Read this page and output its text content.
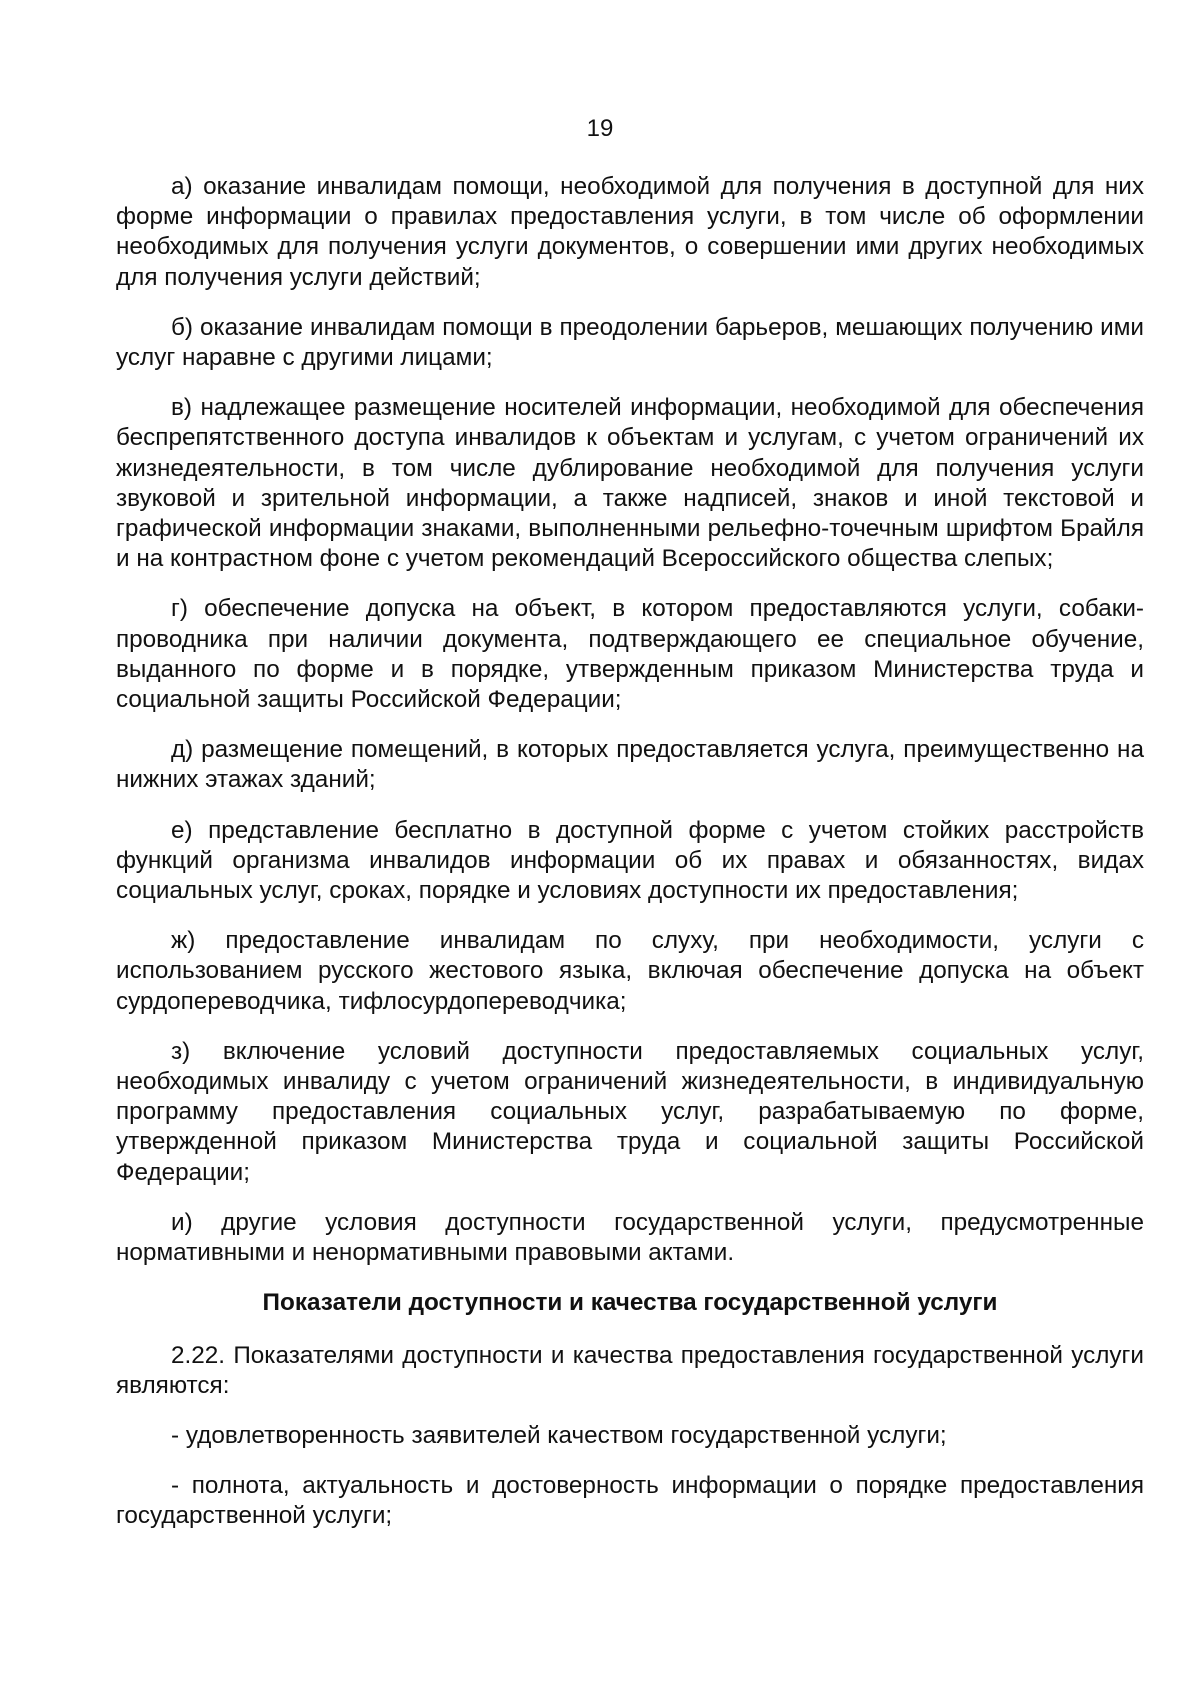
19

а) оказание инвалидам помощи, необходимой для получения в доступной для них форме информации о правилах предоставления услуги, в том числе об оформлении необходимых для получения услуги документов, о совершении ими других необходимых для получения услуги действий;

б) оказание инвалидам помощи в преодолении барьеров, мешающих получению ими услуг наравне с другими лицами;

в) надлежащее размещение носителей информации, необходимой для обеспечения беспрепятственного доступа инвалидов к объектам и услугам, с учетом ограничений их жизнедеятельности, в том числе дублирование необходимой для получения услуги звуковой и зрительной информации, а также надписей, знаков и иной текстовой и графической информации знаками, выполненными рельефно-точечным шрифтом Брайля и на контрастном фоне с учетом рекомендаций Всероссийского общества слепых;

г) обеспечение допуска на объект, в котором предоставляются услуги, собаки-проводника при наличии документа, подтверждающего ее специальное обучение, выданного по форме и в порядке, утвержденным приказом Министерства труда и социальной защиты Российской Федерации;

д) размещение помещений, в которых предоставляется услуга, преимущественно на нижних этажах зданий;

е) представление бесплатно в доступной форме с учетом стойких расстройств функций организма инвалидов информации об их правах и обязанностях, видах социальных услуг, сроках, порядке и условиях доступности их предоставления;

ж) предоставление инвалидам по слуху, при необходимости, услуги с использованием русского жестового языка, включая обеспечение допуска на объект сурдопереводчика, тифлосурдопереводчика;

з) включение условий доступности предоставляемых социальных услуг, необходимых инвалиду с учетом ограничений жизнедеятельности, в индивидуальную программу предоставления социальных услуг, разрабатываемую по форме, утвержденной приказом Министерства труда и социальной защиты Российской Федерации;

и) другие условия доступности государственной услуги, предусмотренные нормативными и ненормативными правовыми актами.

Показатели доступности и качества государственной услуги

2.22. Показателями доступности и качества предоставления государственной услуги являются:

- удовлетворенность заявителей качеством государственной услуги;

- полнота, актуальность и достоверность информации о порядке предоставления государственной услуги;
